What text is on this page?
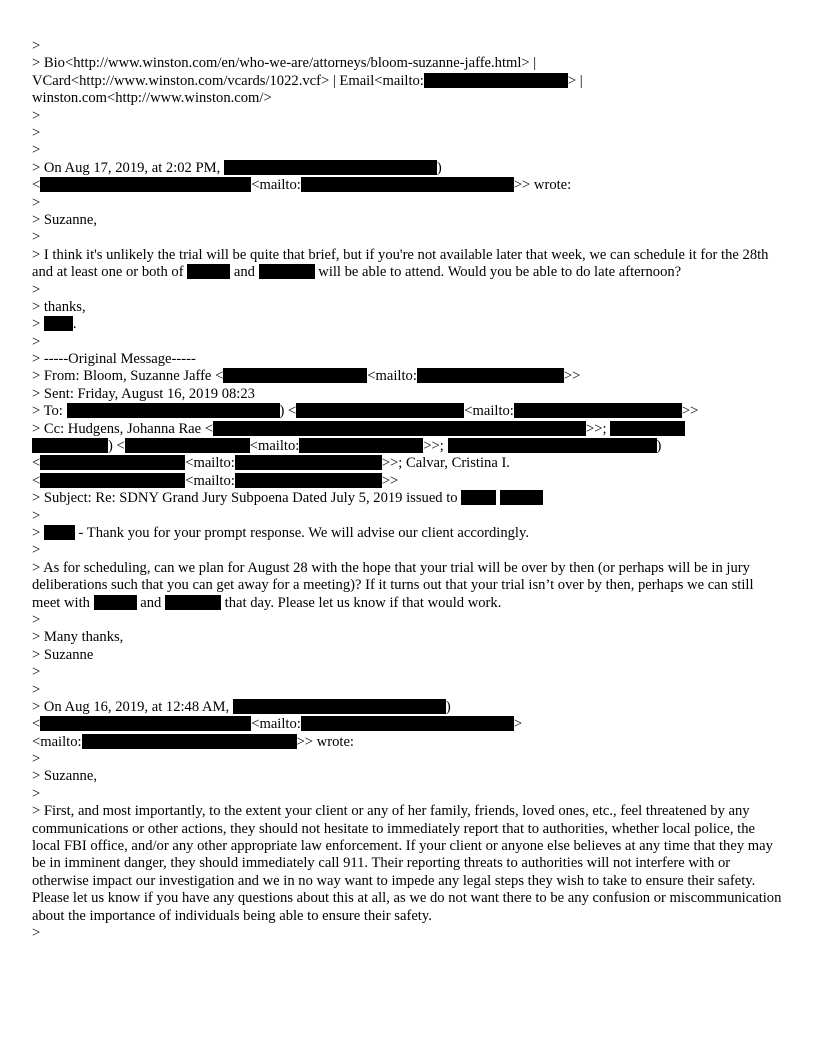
>
> Bio<http://www.winston.com/en/who-we-are/attorneys/bloom-suzanne-jaffe.html> |
VCard<http://www.winston.com/vcards/1022.vcf> | Email<mailto:	> |
winston.com<http://www.winston.com/>
>
>
>
> On Aug 17, 2019, at 2:02 PM,	)
<	<mailto:	>> wrote:
>
> Suzanne,
>
> I think it's unlikely the trial will be quite that brief, but if you're not available later that week, we can schedule it for the 28th and at least one or both of	and	will be able to attend. Would you be able to do late afternoon?
>
> thanks,
> .
>
> -----Original Message-----
> From: Bloom, Suzanne Jaffe <	<mailto:	>>
> Sent: Friday, August 16, 2019 08:23
> To:	) <	<mailto:	>>
> Cc: Hudgens, Johanna Rae <	>>;
) <	<mailto:	>>;	)
<	<mailto:	>>; Calvar, Cristina I.
<	<mailto:	>>
> Subject: Re: SDNY Grand Jury Subpoena Dated July 5, 2019 issued to
>
>  - Thank you for your prompt response. We will advise our client accordingly.
>
> As for scheduling, can we plan for August 28 with the hope that your trial will be over by then (or perhaps will be in jury deliberations such that you can get away for a meeting)? If it turns out that your trial isn’t over by then, perhaps we can still meet with	and	that day. Please let us know if that would work.
>
> Many thanks,
> Suzanne
>
>
> On Aug 16, 2019, at 12:48 AM,	)
<	<mailto:	>
<mailto:	>> wrote:
>
> Suzanne,
>
> First, and most importantly, to the extent your client or any of her family, friends, loved ones, etc., feel threatened by any communications or other actions, they should not hesitate to immediately report that to authorities, whether local police, the local FBI office, and/or any other appropriate law enforcement. If your client or anyone else believes at any time that they may be in imminent danger, they should immediately call 911. Their reporting threats to authorities will not interfere with or otherwise impact our investigation and we in no way want to impede any legal steps they wish to take to ensure their safety. Please let us know if you have any questions about this at all, as we do not want there to be any confusion or miscommunication about the importance of individuals being able to ensure their safety.
>
